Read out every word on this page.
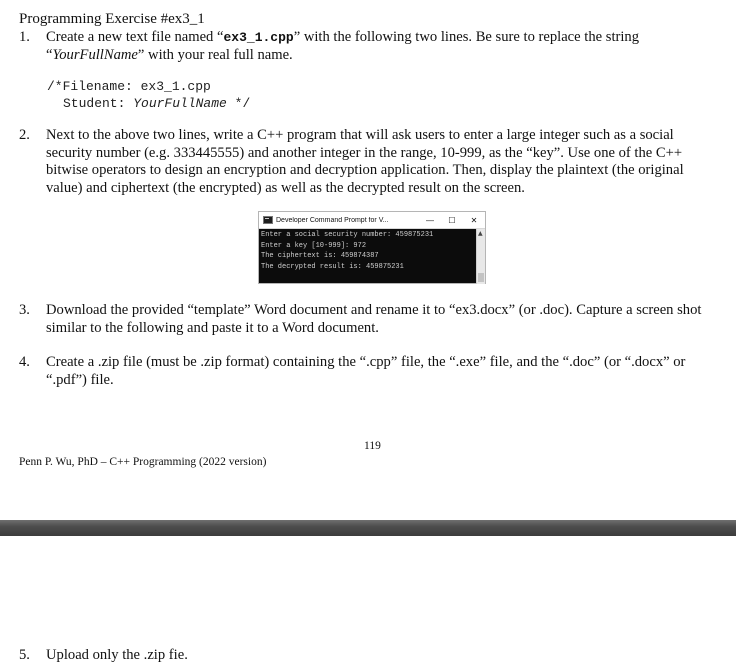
Programming Exercise #ex3_1
1. Create a new text file named “ex3_1.cpp” with the following two lines. Be sure to replace the string “YourFullName” with your real full name.
/*Filename: ex3_1.cpp
Student: YourFullName */
2. Next to the above two lines, write a C++ program that will ask users to enter a large integer such as a social security number (e.g. 333445555) and another integer in the range, 10-999, as the “key”. Use one of the C++ bitwise operators to design an encryption and decryption application. Then, display the plaintext (the original value) and ciphertext (the encrypted) as well as the decrypted result on the screen.
Developer Command Prompt for V...	—	☐	✕
Enter a social security number: 459875231
Enter a key [10-999]: 972
The ciphertext is: 459874387
The decrypted result is: 459875231
▲
3. Download the provided “template” Word document and rename it to “ex3.docx” (or .doc). Capture a screen shot similar to the following and paste it to a Word document.
4. Create a .zip file (must be .zip format) containing the “.cpp” file, the “.exe” file, and the “.doc” (or “.docx” or “.pdf”) file.
119
Penn P. Wu, PhD – C++ Programming (2022 version)
5. Upload only the .zip fie.
